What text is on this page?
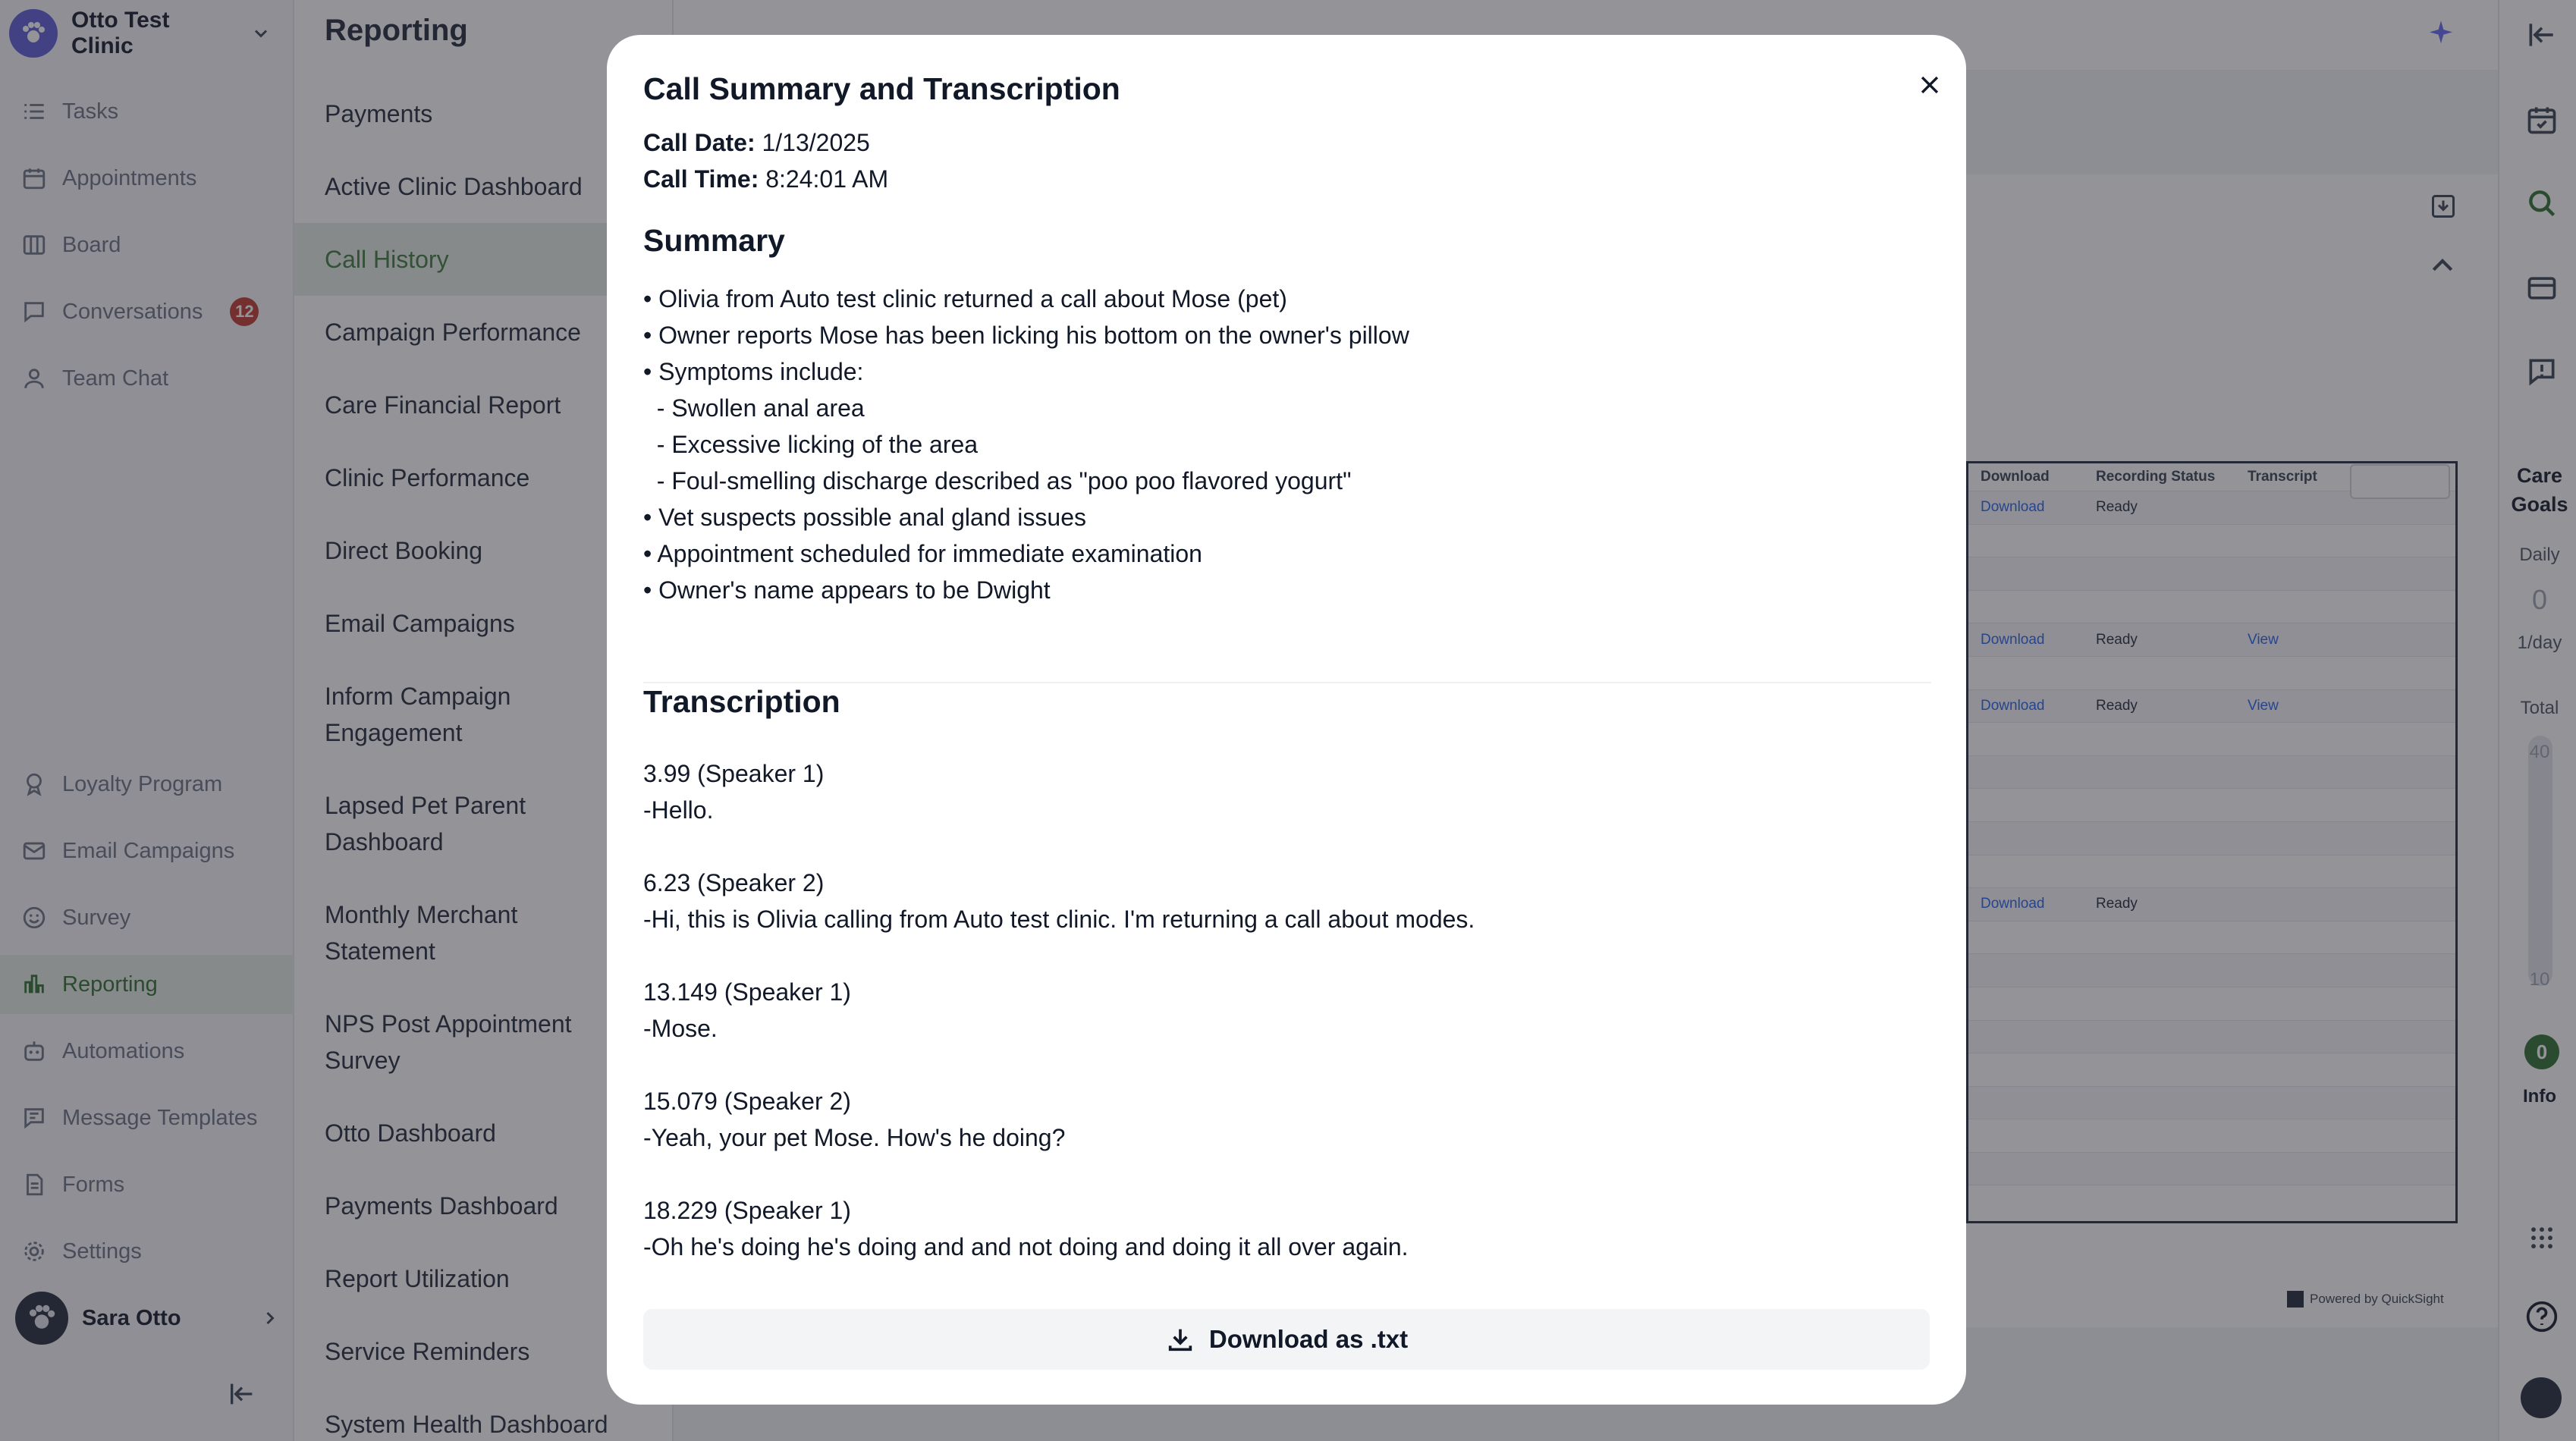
Call Summary and Transcription
Call Date: 1/13/2025
Call Time: 8:24:01 AM
Summary
• Olivia from Auto test clinic returned a call about Mose (pet)
• Owner reports Mose has been licking his bottom on the owner's pillow
• Symptoms include:
- Swollen anal area
- Excessive licking of the area
- Foul-smelling discharge described as "poo poo flavored yogurt"
• Vet suspects possible anal gland issues
• Appointment scheduled for immediate examination
• Owner's name appears to be Dwight
Transcription
3.99 (Speaker 1)
-Hello.
6.23 (Speaker 2)
-Hi, this is Olivia calling from Auto test clinic. I'm returning a call about modes.
13.149 (Speaker 1)
-Mose.
15.079 (Speaker 2)
-Yeah, your pet Mose. How's he doing?
18.229 (Speaker 1)
-Oh he's doing he's doing and and not doing and doing it all over again.
Download as .txt
